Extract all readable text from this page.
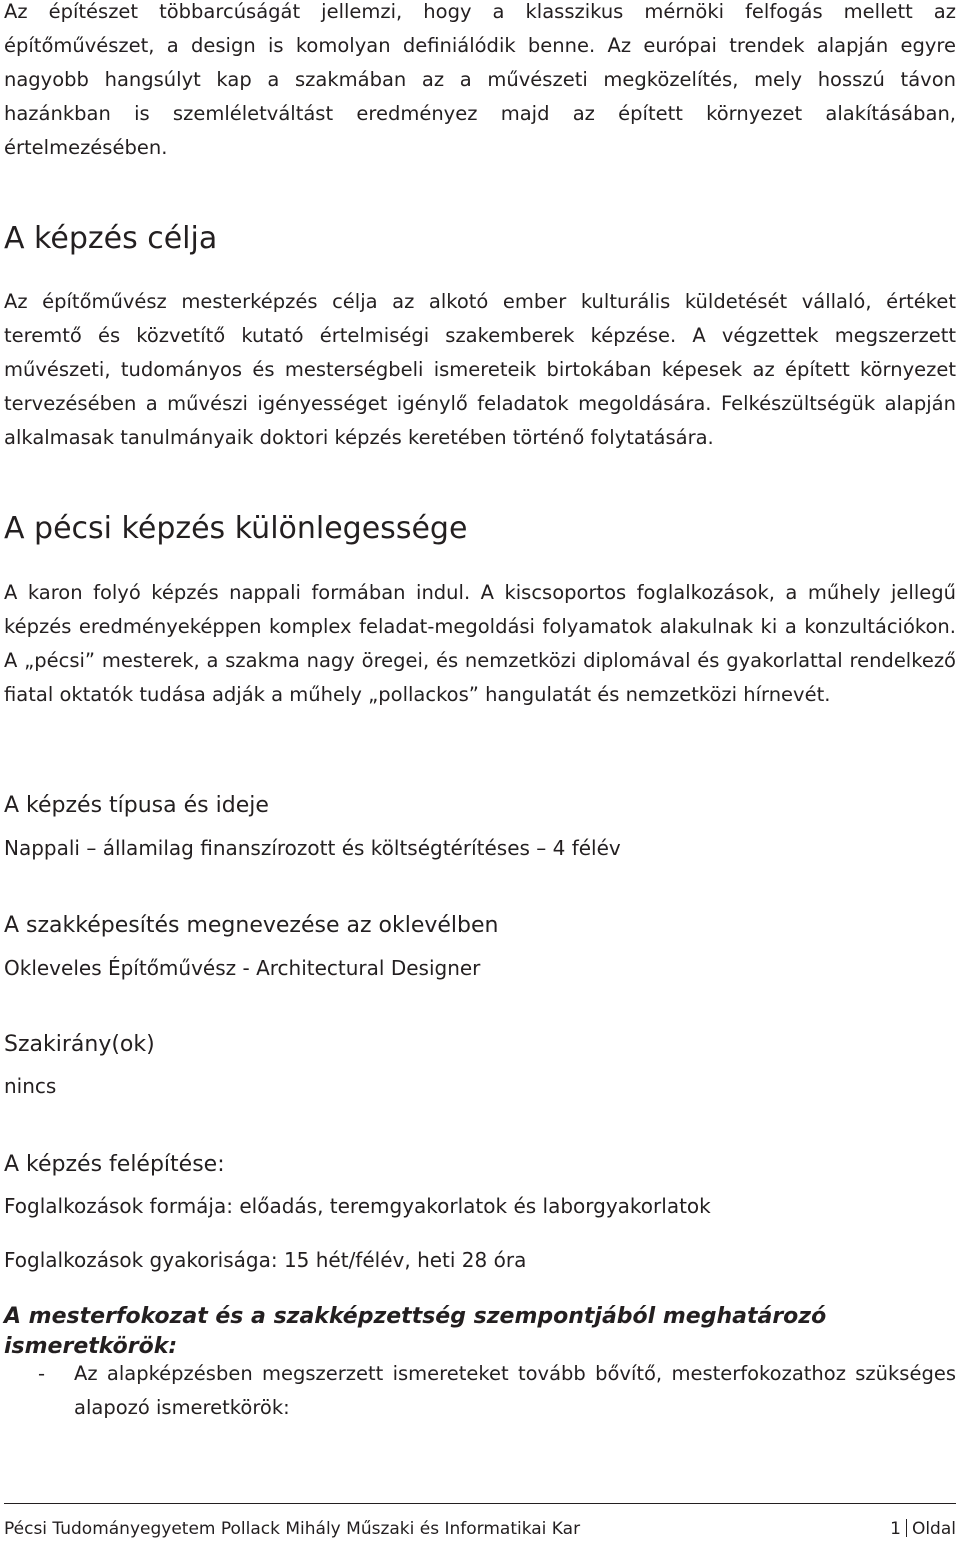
Az építészet többarcúságát jellemzi, hogy a klasszikus mérnöki felfogás mellett az építőművészet, a design is komolyan definiálódik benne. Az európai trendek alapján egyre nagyobb hangsúlyt kap a szakmában az a művészeti megközelítés, mely hosszú távon hazánkban is szemléletváltást eredményez majd az épített környezet alakításában, értelmezésében.

A képzés célja

Az építőművész mesterképzés célja az alkotó ember kulturális küldetését vállaló, értéket teremtő és közvetítő kutató értelmiségi szakemberek képzése. A végzettek megszerzett művészeti, tudományos és mesterségbeli ismereteik birtokában képesek az épített környezet tervezésében a művészi igényességet igénylő feladatok megoldására. Felkészültségük alapján alkalmasak tanulmányaik doktori képzés keretében történő folytatására.

A pécsi képzés különlegessége

A karon folyó képzés nappali formában indul. A kiscsoportos foglalkozások, a műhely jellegű képzés eredményeképpen komplex feladat-megoldási folyamatok alakulnak ki a konzultációkon. A „pécsi” mesterek, a szakma nagy öregei, és nemzetközi diplomával és gyakorlattal rendelkező fiatal oktatók tudása adják a műhely „pollackos” hangulatát és nemzetközi hírnevét.

A képzés típusa és ideje

Nappali – államilag finanszírozott és költségtérítéses – 4 félév

A szakképesítés megnevezése az oklevélben

Okleveles Építőművész - Architectural Designer

Szakirány(ok)

nincs

A képzés felépítése:

Foglalkozások formája: előadás, teremgyakorlatok és laborgyakorlatok

Foglalkozások gyakorisága: 15 hét/félév, heti 28 óra

A mesterfokozat és a szakképzettség szempontjából meghatározó ismeretkörök:
-	Az alapképzésben megszerzett ismereteket tovább bővítő, mesterfokozathoz szükséges alapozó ismeretkörök:
Pécsi Tudományegyetem Pollack Mihály Műszaki és Informatikai Kar	1 Oldal
